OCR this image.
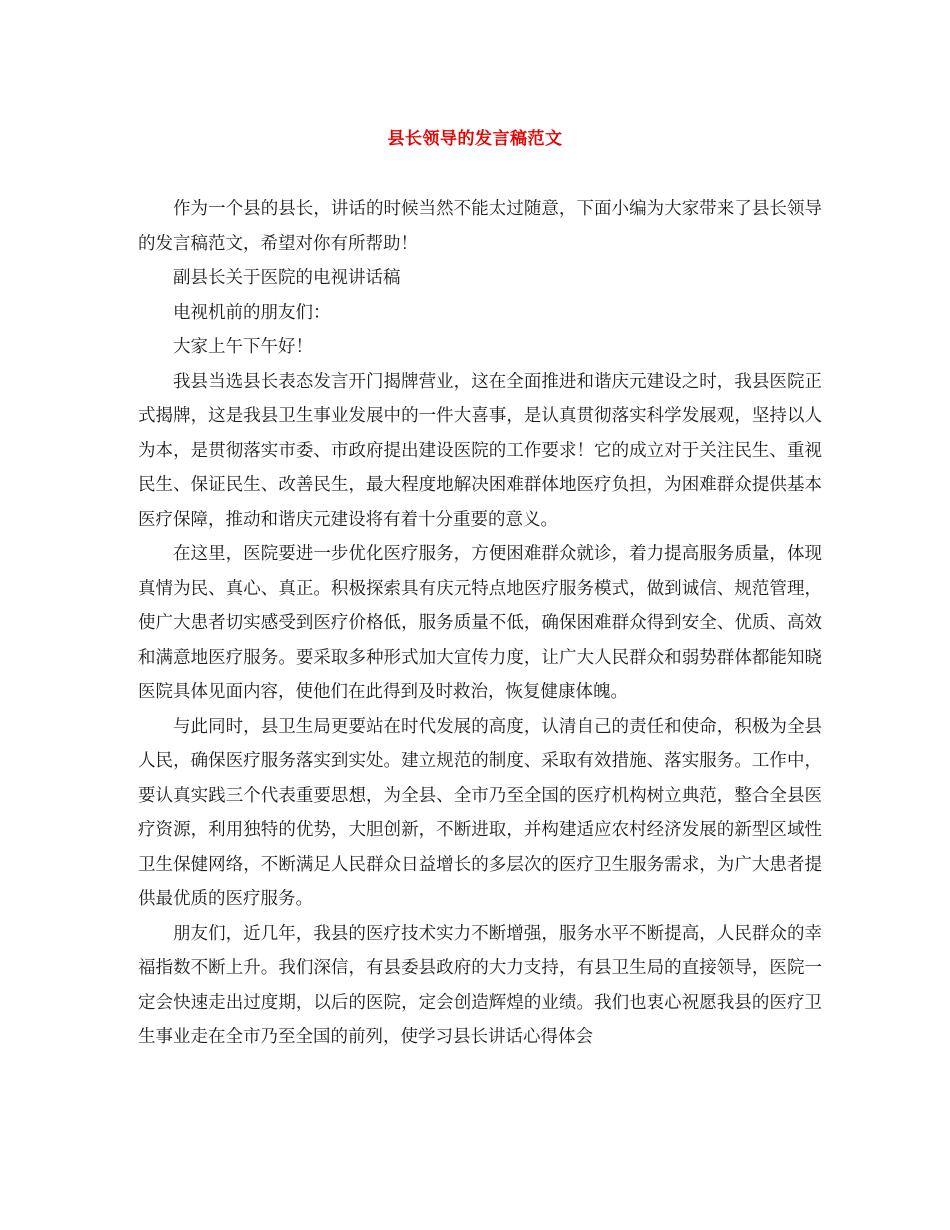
县长领导的发言稿范文

作为一个县的县长，讲话的时候当然不能太过随意，下面小编为大家带来了县长领导的发言稿范文，希望对你有所帮助！

副县长关于医院的电视讲话稿

电视机前的朋友们：

大家上午下午好！

我县当选县长表态发言开门揭牌营业，这在全面推进和谐庆元建设之时，我县医院正式揭牌，这是我县卫生事业发展中的一件大喜事，是认真贯彻落实科学发展观，坚持以人为本，是贯彻落实市委、市政府提出建设医院的工作要求！它的成立对于关注民生、重视民生、保证民生、改善民生，最大程度地解决困难群体地医疗负担，为困难群众提供基本医疗保障，推动和谐庆元建设将有着十分重要的意义。

在这里，医院要进一步优化医疗服务，方便困难群众就诊，着力提高服务质量，体现真情为民、真心、真正。积极探索具有庆元特点地医疗服务模式，做到诚信、规范管理，使广大患者切实感受到医疗价格低，服务质量不低，确保困难群众得到安全、优质、高效和满意地医疗服务。要采取多种形式加大宣传力度，让广大人民群众和弱势群体都能知晓医院具体见面内容，使他们在此得到及时救治，恢复健康体魄。

与此同时，县卫生局更要站在时代发展的高度，认清自己的责任和使命，积极为全县人民，确保医疗服务落实到实处。建立规范的制度、采取有效措施、落实服务。工作中，要认真实践三个代表重要思想，为全县、全市乃至全国的医疗机构树立典范，整合全县医疗资源，利用独特的优势，大胆创新，不断进取，并构建适应农村经济发展的新型区域性卫生保健网络，不断满足人民群众日益增长的多层次的医疗卫生服务需求，为广大患者提供最优质的医疗服务。

朋友们，近几年，我县的医疗技术实力不断增强，服务水平不断提高，人民群众的幸福指数不断上升。我们深信，有县委县政府的大力支持，有县卫生局的直接领导，医院一定会快速走出过度期，以后的医院，定会创造辉煌的业绩。我们也衷心祝愿我县的医疗卫生事业走在全市乃至全国的前列，使学习县长讲话心得体会
